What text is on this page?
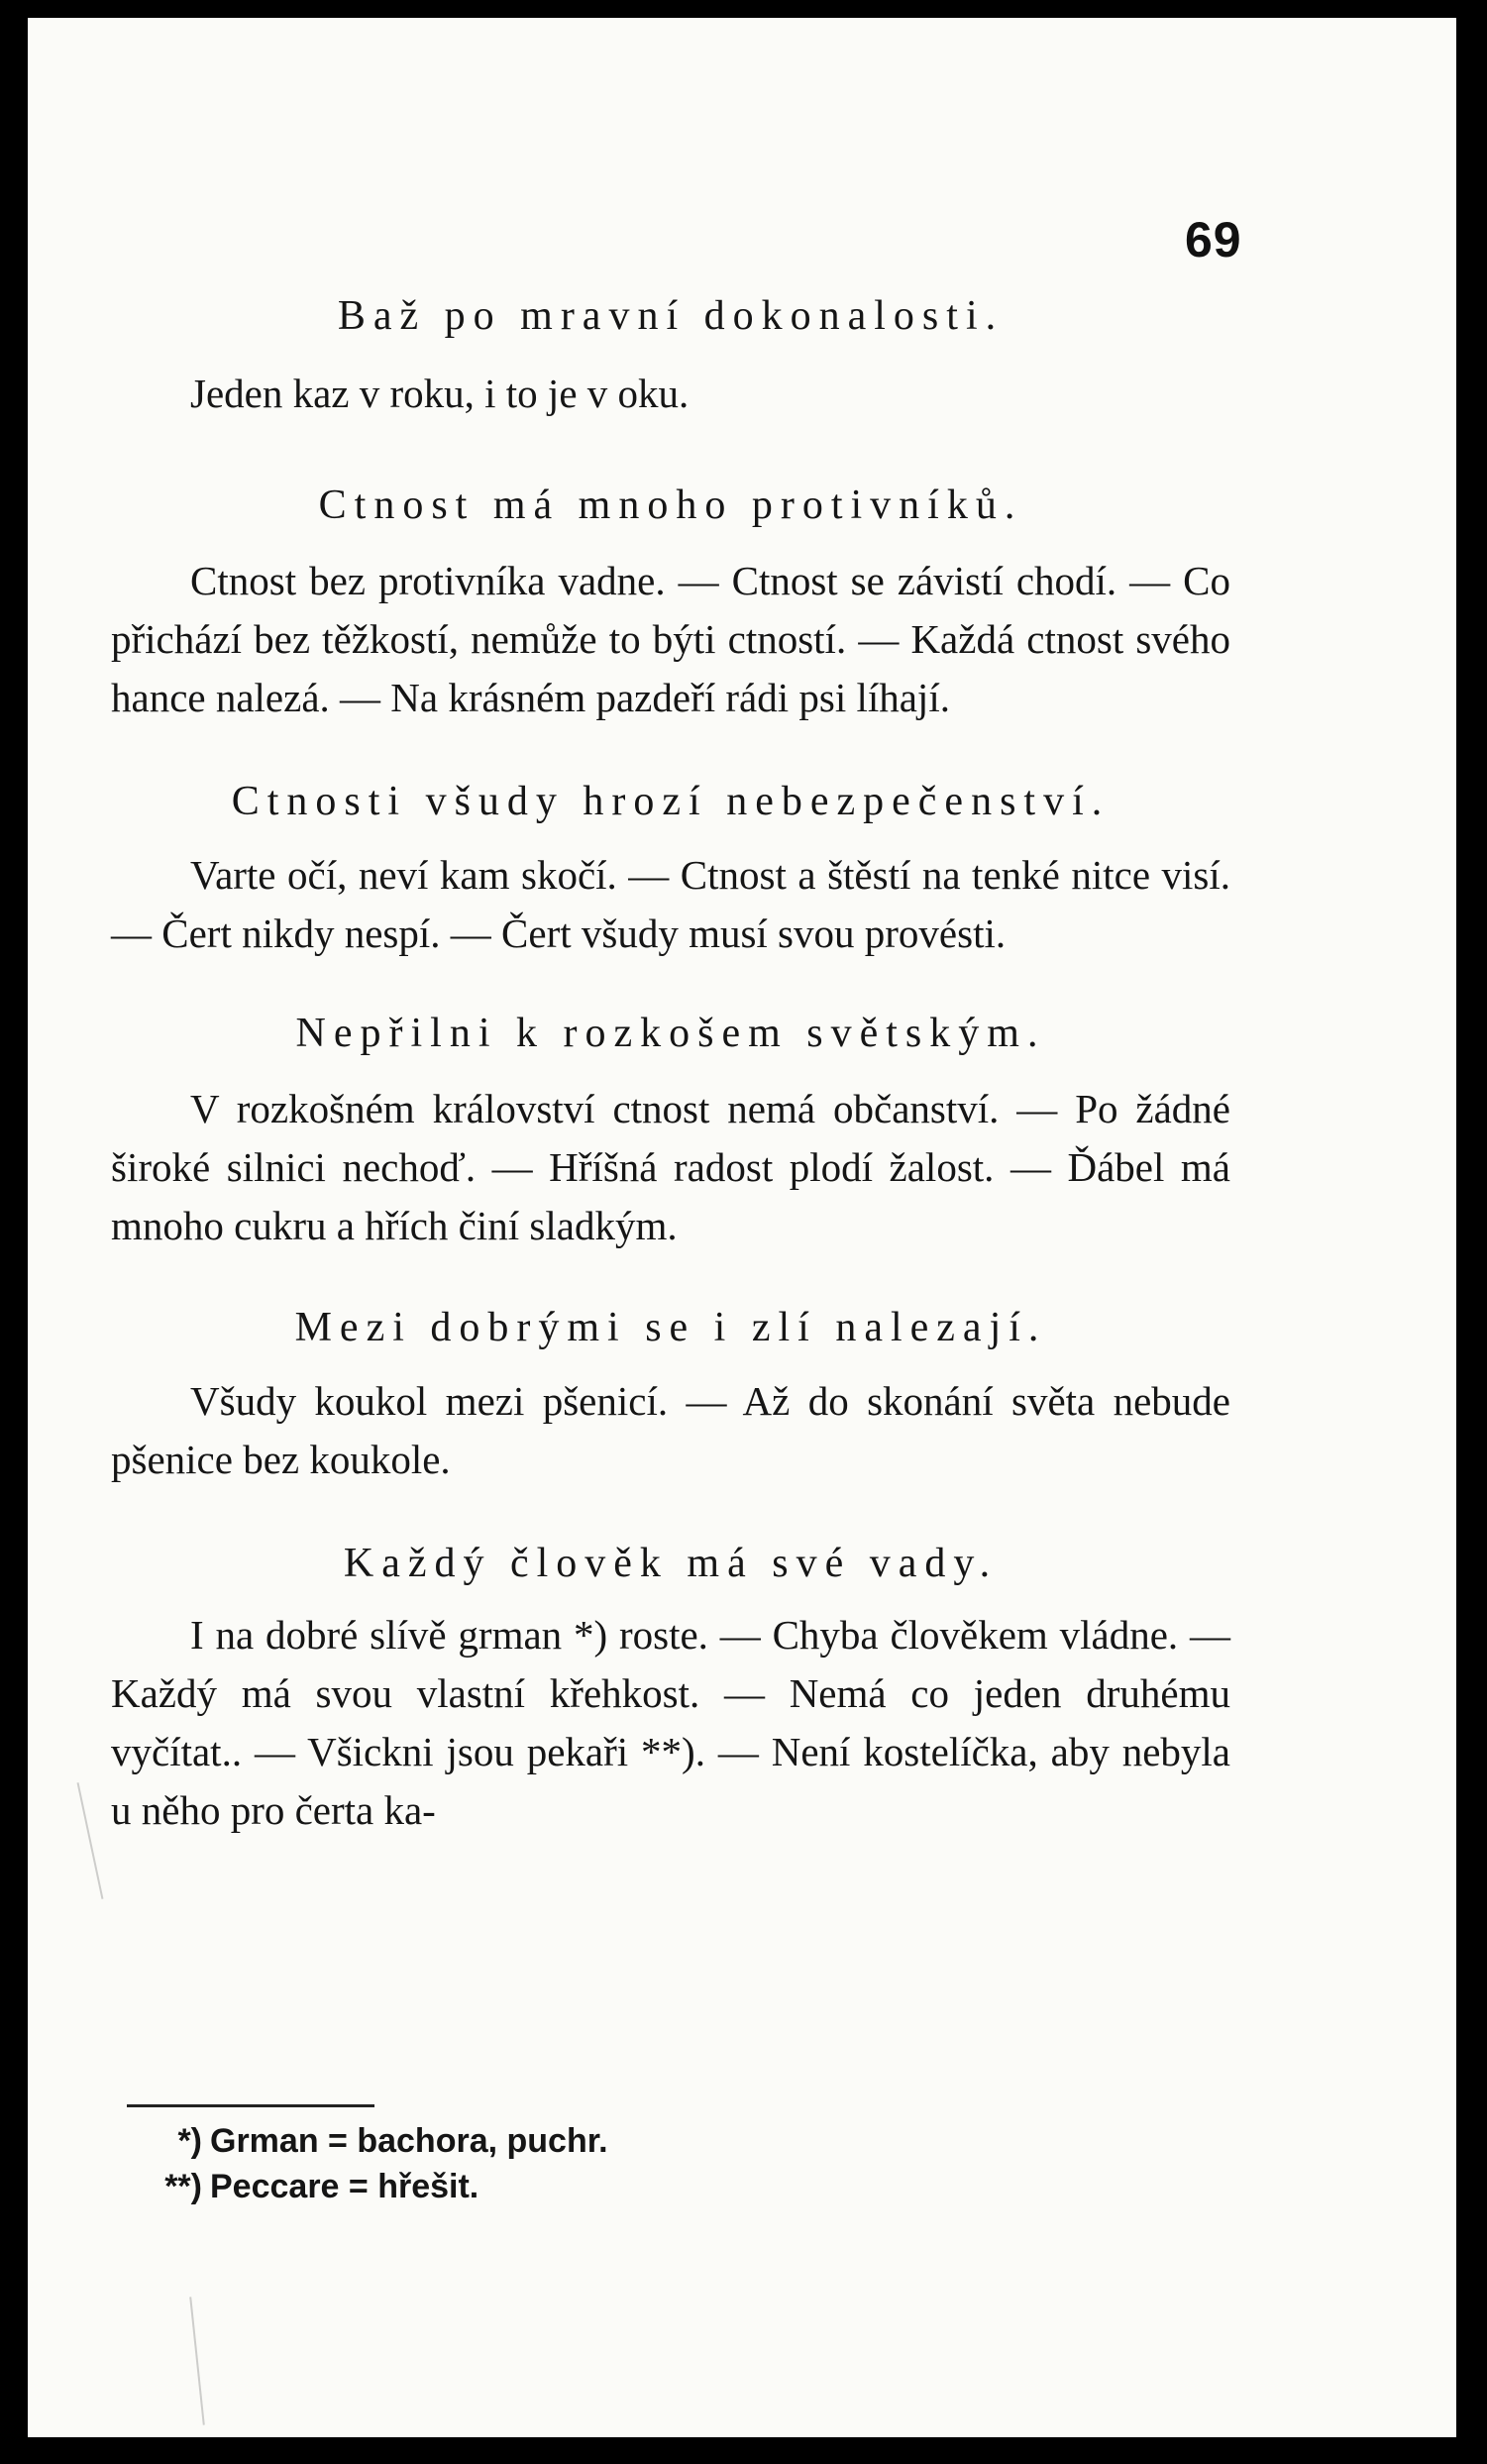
69

Baž po mravní dokonalosti.

Jeden kaz v roku, i to je v oku.

Ctnost má mnoho protivníků.

Ctnost bez protivníka vadne. — Ctnost se závistí chodí. — Co přichází bez těžkostí, nemůže to býti ctností. — Každá ctnost svého hance nalezá. — Na krásném pazdeří rádi psi líhají.

Ctnosti všudy hrozí nebezpečenství.

Varte očí, neví kam skočí. — Ctnost a štěstí na tenké nitce visí. — Čert nikdy nespí. — Čert všudy musí svou provésti.

Nepřilni k rozkošem světským.

V rozkošném království ctnost nemá občanství. — Po žádné široké silnici nechoď. — Hříšná radost plodí žalost. — Ďábel má mnoho cukru a hřích činí sladkým.

Mezi dobrými se i zlí nalezají.

Všudy koukol mezi pšenicí. — Až do skonání světa nebude pšenice bez koukole.

Každý člověk má své vady.

I na dobré slívě grman *) roste. — Chyba člověkem vládne. — Každý má svou vlastní křehkost. — Nemá co jeden druhému vyčítat.. — Všickni jsou pekaři **). — Není kostelíčka, aby nebyla u něho pro čerta ka-

*) Grman = bachora, puchr.
**) Peccare = hřešit.
